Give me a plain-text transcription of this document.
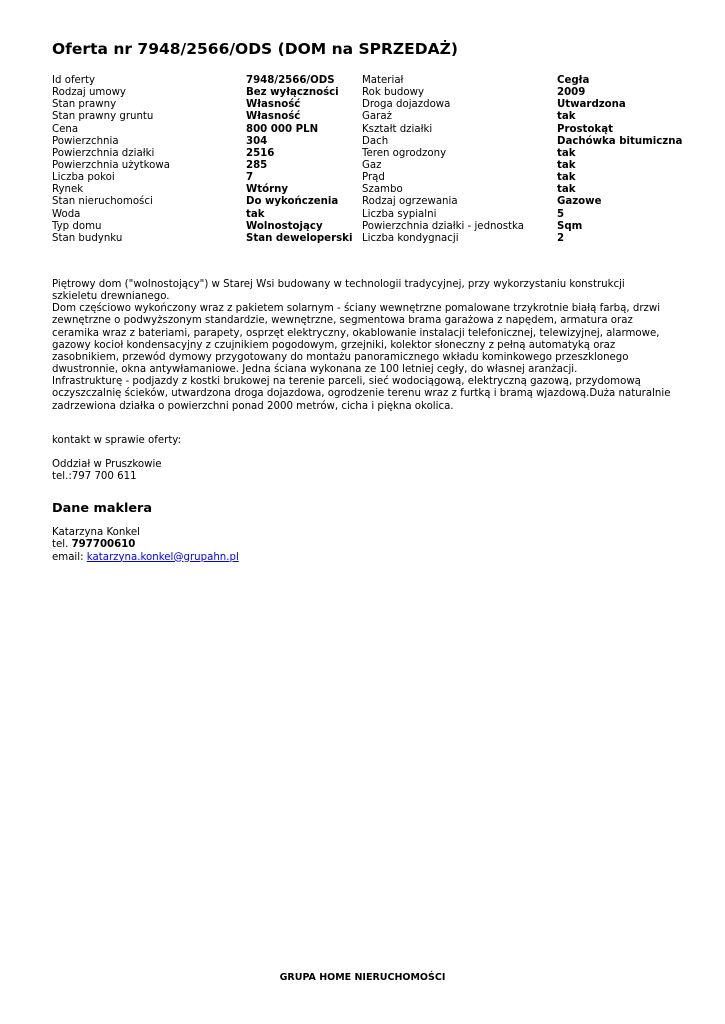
Oferta nr 7948/2566/ODS (DOM na SPRZEDAŻ)
Id oferty
Rodzaj umowy
Stan prawny
Stan prawny gruntu
Cena
Powierzchnia
Powierzchnia działki
Powierzchnia użytkowa
Liczba pokoi
Rynek
Stan nieruchomości
Woda
Typ domu
Stan budynku
7948/2566/ODS
Bez wyłączności
Własność
Własność
800 000 PLN
304
2516
285
7
Wtórny
Do wykończenia
tak
Wolnostojący
Stan deweloperski
Materiał
Rok budowy
Droga dojazdowa
Garaż
Kształt działki
Dach
Teren ogrodzony
Gaz
Prąd
Szambo
Rodzaj ogrzewania
Liczba sypialni
Powierzchnia działki - jednostka
Liczba kondygnacji
Cegła
2009
Utwardzona
tak
Prostokąt
Dachówka bitumiczna
tak
tak
tak
tak
Gazowe
5
Sqm
2

Piętrowy dom ("wolnostojący") w Starej Wsi budowany w technologii tradycyjnej, przy wykorzystaniu konstrukcji szkieletu drewnianego.

Dom częściowo wykończony wraz z pakietem solarnym - ściany wewnętrzne pomalowane trzykrotnie białą farbą, drzwi zewnętrzne o podwyższonym standardzie, wewnętrzne, segmentowa brama garażowa z napędem, armatura oraz ceramika wraz z bateriami, parapety, osprzęt elektryczny, okablowanie instalacji telefonicznej, telewizyjnej, alarmowe, gazowy kocioł kondensacyjny z czujnikiem pogodowym, grzejniki, kolektor słoneczny z pełną automatyką oraz zasobnikiem, przewód dymowy przygotowany do montażu panoramicznego wkładu kominkowego przeszklonego dwustronnie, okna antywłamaniowe. Jedna ściana wykonana ze 100 letniej cegły, do własnej aranżacji.

Infrastrukturę - podjazdy z kostki brukowej na terenie parceli, sieć wodociągową, elektryczną gazową, przydomową oczyszczalnię ścieków, utwardzona droga dojazdowa, ogrodzenie terenu wraz z furtką i bramą wjazdową.Duża naturalnie zadrzewiona działka o powierzchni ponad 2000 metrów, cicha i piękna okolica.

kontakt w sprawie oferty:

Oddział w Pruszkowie

tel.:797 700 611

Dane maklera

Katarzyna Konkel

tel. 797700610

email: katarzyna.konkel@grupahn.pl

GRUPA HOME NIERUCHOMOŚCI
